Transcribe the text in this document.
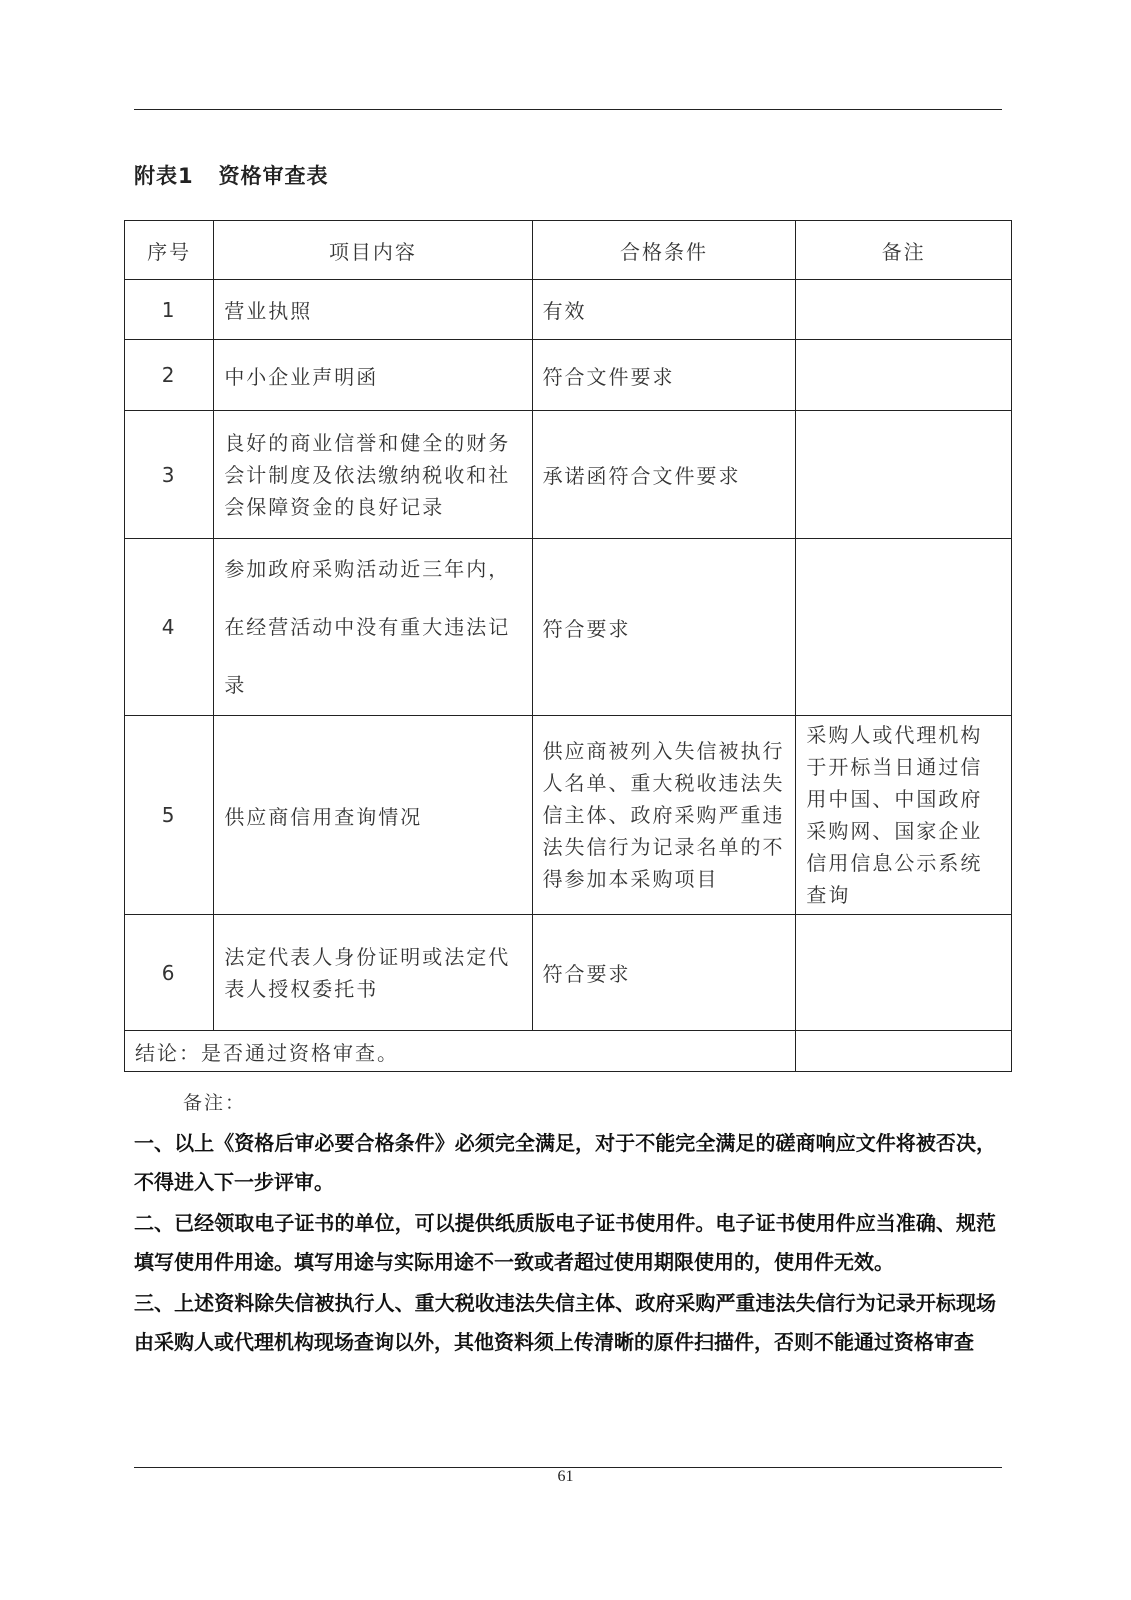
附表1   资格审查表
序号	项目内容	合格条件	备注
1	营业执照	有效	
2	中小企业声明函	符合文件要求	
3	良好的商业信誉和健全的财务会计制度及依法缴纳税收和社会保障资金的良好记录	承诺函符合文件要求	
4	参加政府采购活动近三年内，在经营活动中没有重大违法记录	符合要求	
5	供应商信用查询情况	供应商被列入失信被执行人名单、重大税收违法失信主体、政府采购严重违法失信行为记录名单的不得参加本采购项目	采购人或代理机构于开标当日通过信用中国、中国政府采购网、国家企业信用信息公示系统查询
6	法定代表人身份证明或法定代表人授权委托书	符合要求	
结论：是否通过资格审查。			
备注：

一、以上《资格后审必要合格条件》必须完全满足，对于不能完全满足的磋商响应文件将被否决，不得进入下一步评审。

二、已经领取电子证书的单位，可以提供纸质版电子证书使用件。电子证书使用件应当准确、规范填写使用件用途。填写用途与实际用途不一致或者超过使用期限使用的，使用件无效。

三、上述资料除失信被执行人、重大税收违法失信主体、政府采购严重违法失信行为记录开标现场由采购人或代理机构现场查询以外，其他资料须上传清晰的原件扫描件，否则不能通过资格审查

61
